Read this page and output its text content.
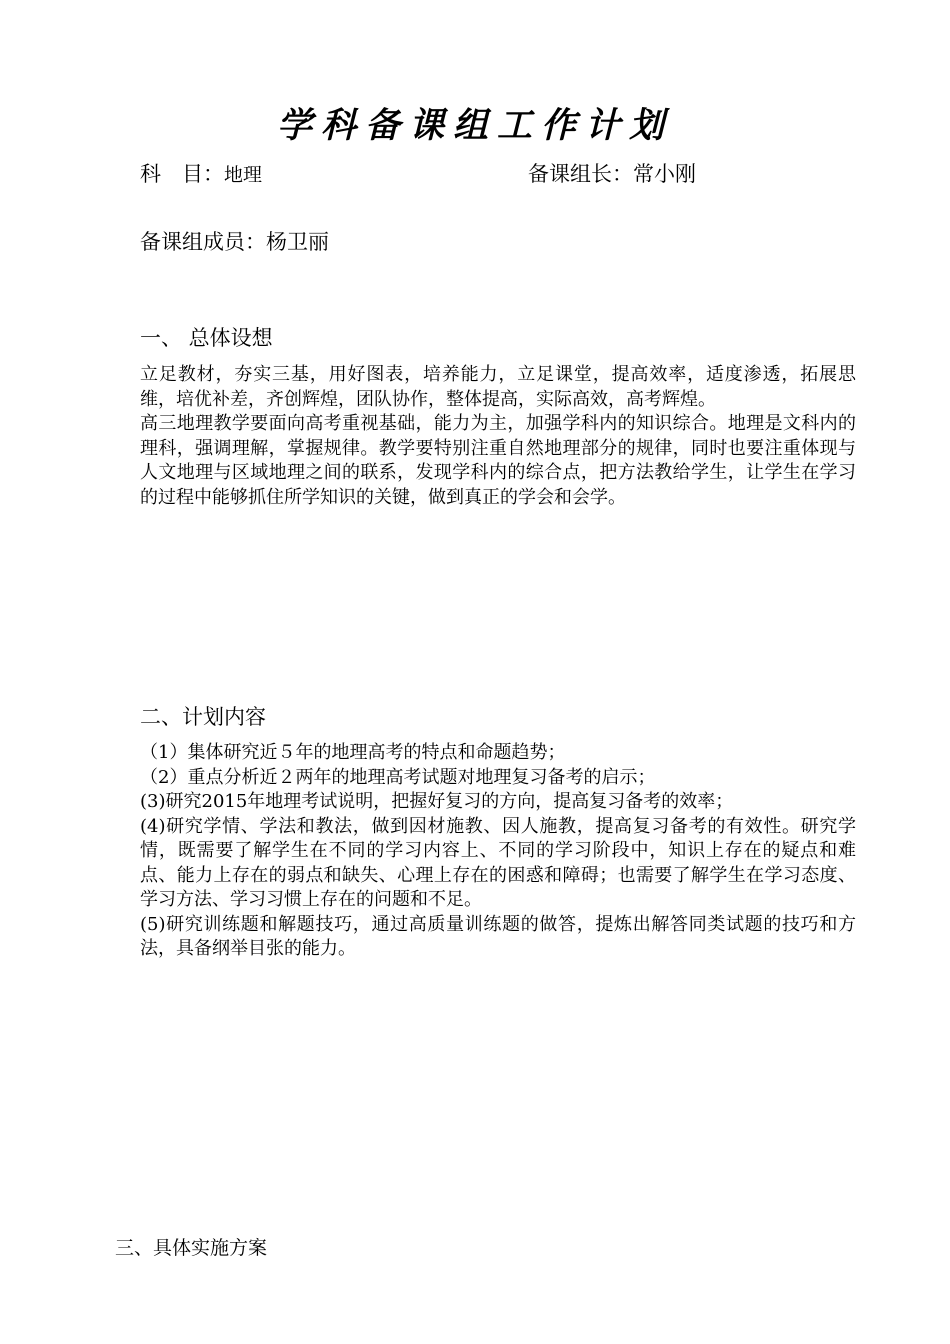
学科备课组工作计划
科　目：地理	备课组长：常小刚
备课组成员：杨卫丽
一、 总体设想

立足教材，夯实三基，用好图表，培养能力，立足课堂，提高效率，适度渗透，拓展思维，培优补差，齐创辉煌，团队协作，整体提高，实际高效，高考辉煌。

高三地理教学要面向高考重视基础，能力为主，加强学科内的知识综合。地理是文科内的理科，强调理解，掌握规律。教学要特别注重自然地理部分的规律，同时也要注重体现与人文地理与区域地理之间的联系，发现学科内的综合点，把方法教给学生，让学生在学习的过程中能够抓住所学知识的关键，做到真正的学会和会学。

二、计划内容

（1）集体研究近５年的地理高考的特点和命题趋势；

（2）重点分析近２两年的地理高考试题对地理复习备考的启示；

(3)研究2015年地理考试说明，把握好复习的方向，提高复习备考的效率；

(4)研究学情、学法和教法，做到因材施教、因人施教，提高复习备考的有效性。研究学情，既需要了解学生在不同的学习内容上、不同的学习阶段中，知识上存在的疑点和难点、能力上存在的弱点和缺失、心理上存在的困惑和障碍；也需要了解学生在学习态度、学习方法、学习习惯上存在的问题和不足。

(5)研究训练题和解题技巧，通过高质量训练题的做答，提炼出解答同类试题的技巧和方法，具备纲举目张的能力。

三、具体实施方案
